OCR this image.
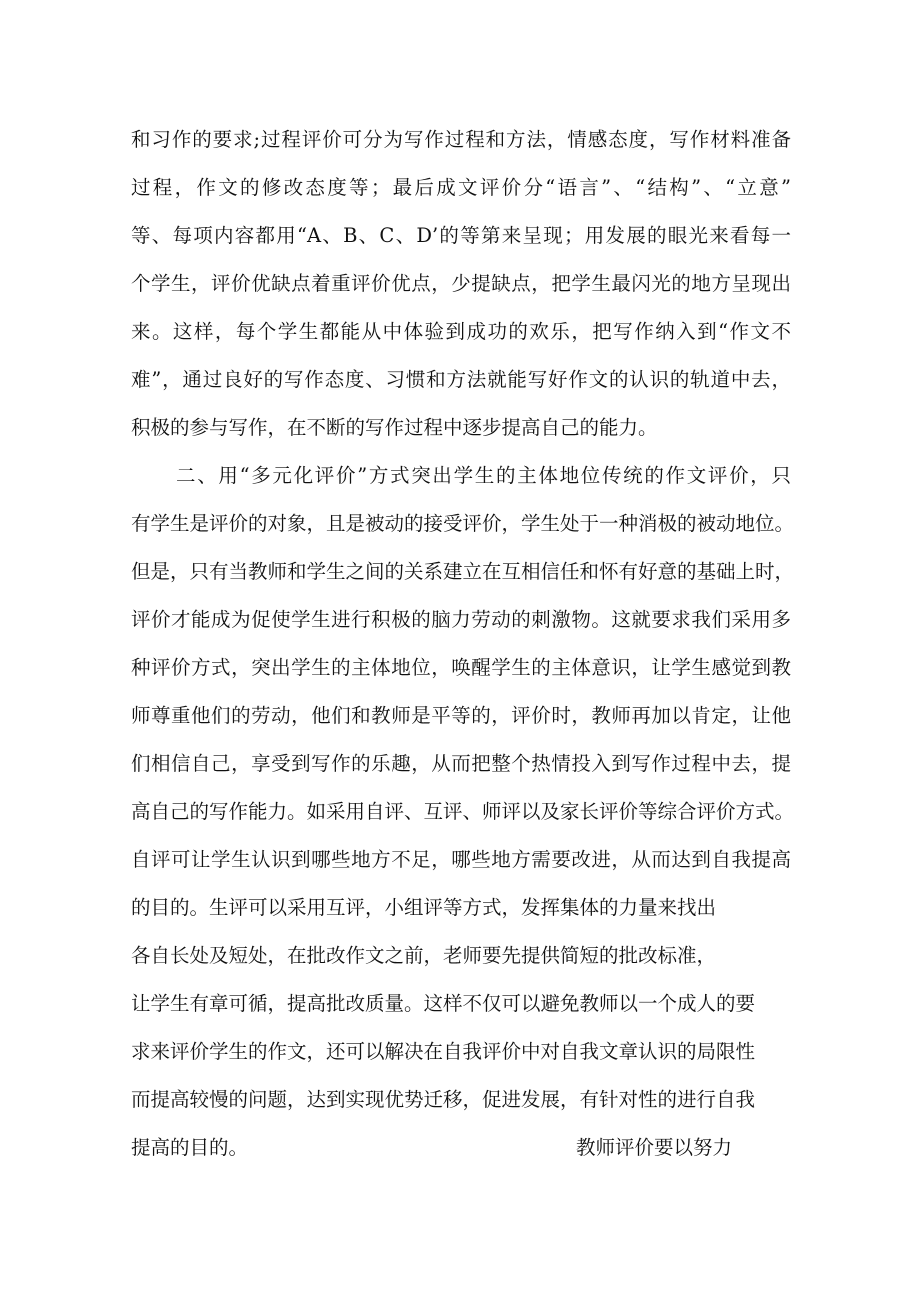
和习作的要求;过程评价可分为写作过程和方法，情感态度，写作材料准备
过程，作文的修改态度等；最后成文评价分“语言”、“结构”、“立意”
等、每项内容都用“A、B、C、D’的等第来呈现；用发展的眼光来看每一
个学生，评价优缺点着重评价优点，少提缺点，把学生最闪光的地方呈现出
来。这样，每个学生都能从中体验到成功的欢乐，把写作纳入到“作文不
难”，通过良好的写作态度、习惯和方法就能写好作文的认识的轨道中去，
积极的参与写作，在不断的写作过程中逐步提高自己的能力。
二、用“多元化评价”方式突出学生的主体地位传统的作文评价，只
有学生是评价的对象，且是被动的接受评价，学生处于一种消极的被动地位。
但是，只有当教师和学生之间的关系建立在互相信任和怀有好意的基础上时，
评价才能成为促使学生进行积极的脑力劳动的刺激物。这就要求我们采用多
种评价方式，突出学生的主体地位，唤醒学生的主体意识，让学生感觉到教
师尊重他们的劳动，他们和教师是平等的，评价时，教师再加以肯定，让他
们相信自己，享受到写作的乐趣，从而把整个热情投入到写作过程中去，提
高自己的写作能力。如采用自评、互评、师评以及家长评价等综合评价方式。
自评可让学生认识到哪些地方不足，哪些地方需要改进，从而达到自我提高
的目的。生评可以采用互评，小组评等方式，发挥集体的力量来找出
各自长处及短处，在批改作文之前，老师要先提供简短的批改标准，
让学生有章可循，提高批改质量。这样不仅可以避免教师以一个成人的要
求来评价学生的作文，还可以解决在自我评价中对自我文章认识的局限性
而提高较慢的问题，达到实现优势迁移，促进发展，有针对性的进行自我
提高的目的。	教师评价要以努力
